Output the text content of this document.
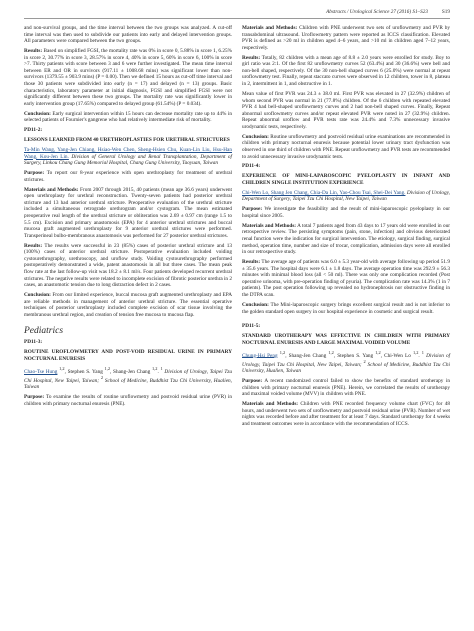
Abstracts / Urological Science 27 (2016) S1–S23	S19

and non-survival groups, and the time interval between the two groups was analyzed. A cut-off time interval was then used to subdivide our patients into early and delayed intervention groups. All parameters were compared between the two groups.

Results: Based on simplified FGSI, the mortality rate was 0% in score 0, 5.88% in score 1, 6.25% in score 2, 30.77% in score 3, 28.57% in score 4, 40% in score 5, 60% in score 6, 100% in score >7. Thirty patients with score between 3 and 6 were further investigated. The mean time interval between ER and OR in survivors (917.11 ± 1008.68 mins) was significant lower than non-survivors (1379.55 ± 903.9 mins) (P = 0.00). Then we defined 15 hours as cut-off time interval and those 30 patients were subdivided into early (n = 17) and delayed (n = 13) groups. Basic characteristics, laboratory parameter at initial diagnosis, FGSI and simplified FGSI were not significantly different between these two groups. The mortality rate was significantly lower in early intervention group (17.65%) compared to delayed group (61.54%) (P = 0.034).

Conclusion: Early surgical intervention within 15 hours can decrease mortality rate up to 44% in selected patients of Fournier's gangrene who had relatively intermediate risk of mortality.

PD11-2:

LESSONS LEARNED FROM 40 URETHROPLASTIES FOR URETHRAL STRICTURES

Ta-Min Wang, Yang-Jen Chiang, Hsiao-Wen Chen, Sheng-Hsien Chu, Kuan-Lin Liu, Hsu-Han Wang, Kou-Jen Lin. Division of General Urology and Renal Transplantation, Department of Surgery, Linkou Chang Gung Memorial Hospital, Chang Gung University, Taoyuan, Taiwan

Purpose: To report our 8-year experience with open urethroplasty for treatment of urethral strictures.

Materials and Methods: From 2007 through 2015, 40 patients (mean age 36.6 years) underwent open urethroplasty for urethral reconstruction. Twenty-seven patients had posterior urethral stricture and 13 had anterior urethral stricture. Preoperative evaluation of the urethral stricture included a simultaneous retrograde urethrogram and/or cystogram. The mean estimated preoperative real length of the urethral stricture or obliteration was 2.69 ± 0.97 cm (range 1.5 to 5.5 cm). Excision and primary anastomosis (EPA) for 4 anterior urethral strictures and buccal mucosa graft augmented urethroplasty for 9 anterior urethral strictures were performed. Transperineal bulbo-membranous anastomosis was performed for 27 posterior urethral strictures.

Results: The results were successful in 23 (85%) cases of posterior urethral stricture and 13 (100%) cases of anterior urethral stricture. Postoperative evaluation included voiding cystourethrography, urethroscopy, and uroflow study. Voiding cystourethrography performed postoperatively demonstrated a wide, patent anastomosis in all but three cases. The mean peak flow rate at the last follow-up visit was 18.2 ± 8.1 ml/s. Four patients developed recurrent urethral strictures. The negative results were related to incomplete excision of fibrotic posterior urethra in 2 cases, an anastomotic tension due to long distraction defect in 2 cases.

Conclusion: From our limited experience, buccal mucosa graft augmented urethroplasty and EPA are reliable methods in management of anterior urethral stricture. The essential operative techniques of posterior urethroplasty included complete excision of scar tissue involving the membranous urethral region, and creation of tension free mucosa to mucosa flap.

Pediatrics

PD11-3:

ROUTINE UROFLOWMETRY AND POST-VOID RESIDUAL URINE IN PRIMARY NOCTURNAL ENURESIS

Chao-Tse Hung $^{1,2}$, Stephen S. Yang $^{1,2}$, Shang-Jen Chang $^{1,2}$. $^1$ Division of Urology, Taipei Tzu Chi Hospital, New Taipei, Taiwan; $^2$ School of Medicine, Buddhist Tzu Chi University, Hualien, Taiwan

Purpose: To examine the results of routine uroflowmetry and postvoid residual urine (PVR) in children with primary nocturnal enuresis (PNE).

Materials and Methods: Children with PNE underwent two sets of uroflowmetry and PVR by transabdominal ultrasound. Uroflowmetry pattern were reported as ICCS classification. Elevated PVR is defined as >20 ml in children aged 4–6 years, and >10 ml in children aged 7–12 years, respectively.

Results: Totally, 82 children with a mean age of 8.8 ± 2.0 years were enrolled for study. Boy to girl ratio was 2:1. Of the first 82 uroflowmetry curves 52 (63.4%) and 30 (36.6%) were bell and non-bell shaped, respectively. Of the 30 non-bell shaped curves 6 (25.0%) were normal at repeat uroflowmetry test. Finally, repeat staccato curves were observed in 12 children, tower in 8, plateau in 2, intermittent in 1, and obstructive in 1.

Mean value of first PVR was 24.3 ± 38.0 ml. First PVR was elevated in 27 (32.9%) children of whom second PVR was normal in 21 (77.8%) children. Of the 6 children with repeated elevated PVR 4 had bell-shaped uroflowmetry curves and 2 had non-bell shaped curves. Finally, Repeat abnormal uroflowmetry curves and/or repeat elevated PVR were noted in 27 (32.9%) children. Repeat abnormal uroflow and PVR tests rate was 24.4% and 7.3% unnecessary invasive urodynamic tests, respectively.

Conclusion: Routine uroflowmetry and postvoid residual urine examinations are recommended in children with primary nocturnal enuresis because potential lower urinary tract dysfunction was observed in one third of children with PNE. Repeat uroflowmetry and PVR tests are recommended to avoid unnecessary invasive urodynamic tests.

PD11-4:

EXPERIENCE OF MINI-LAPAROSCOPIC PYELOPLASTY IN INFANT AND CHILDREN SINGLE INSTITUTION EXPERIENCE

Chi-Wen Lo, Shang Jen Chang, Chia-Da Lin, Yao-Chou Tsai, Shei-Dei Yang. Division of Urology, Department of Surgery, Taipei Tzu Chi Hospital, New Taipei, Taiwan

Purpose: We investigate the feasibility and the result of mini-laparoscopic pyeloplasty in our hospital since 2005.

Materials and Methods: A total 7 patients aged from 43 days to 17 years old were enrolled in our retrospective review. The persisting symptoms (pain, stone, infection) and obvious deteriorated renal function were the indication for surgical intervention. The etiology, surgical finding, surgical method, operation time, number and size of trocar, complication, admission days were all enrolled in our retrospective study.

Results: The average age of patients was 6.0 ± 5.3 year-old with average following up period 51.9 ± 35.6 years. The hospital days were 6.1 ± 1.8 days. The average operation time was 292.9 ± 56.3 minutes with minimal blood loss (all < 50 ml). There was only one complication recorded (Post operative urinoma, with pre-operation finding of pyuria). The complication rate was 14.3% (1 in 7 patients). The post operation following up revealed no hydronephrosis nor obstructive finding in the DTPA scan.

Conclusion: The Mini-laparoscopic surgery brings excellent surgical result and is not inferior to the golden standard open surgery in our hospital experience in cosmetic and surgical result.

PD11-5:

STANDARD UROTHERAPY WAS EFFECTIVE IN CHILDREN WITH PRIMARY NOCTURNAL ENURESIS AND LARGE MAXIMAL VOIDED VOLUME

Chung-Hsi Peng $^{1,2}$, Shang-Jen Chang $^{1,2}$, Stephen S. Yang $^{1,2}$, Chi-Wen Lo $^{1,2}$. $^1$ Division of Urology, Taipei Tzu Chi Hospital, New Taipei, Taiwan; $^2$ School of Medicine, Buddhist Tzu Chi University, Hualien, Taiwan

Purpose: A recent randomized control failed to show the benefits of standard urotherapy in children with primary nocturnal enuresis (PNE). Herein, we correlated the results of urotherapy and maximal voided volume (MVV) in children with PNE.

Materials and Methods: Children with PNE recorded frequency volume chart (FVC) for 48 hours, and underwent two sets of uroflowmetry and postvoid residual urine (PVR). Number of wet nights was recorded before and after treatment for at least 7 days. Standard urotherapy for 4 weeks and treatment outcomes were in accordance with the recommendation of ICCS.
